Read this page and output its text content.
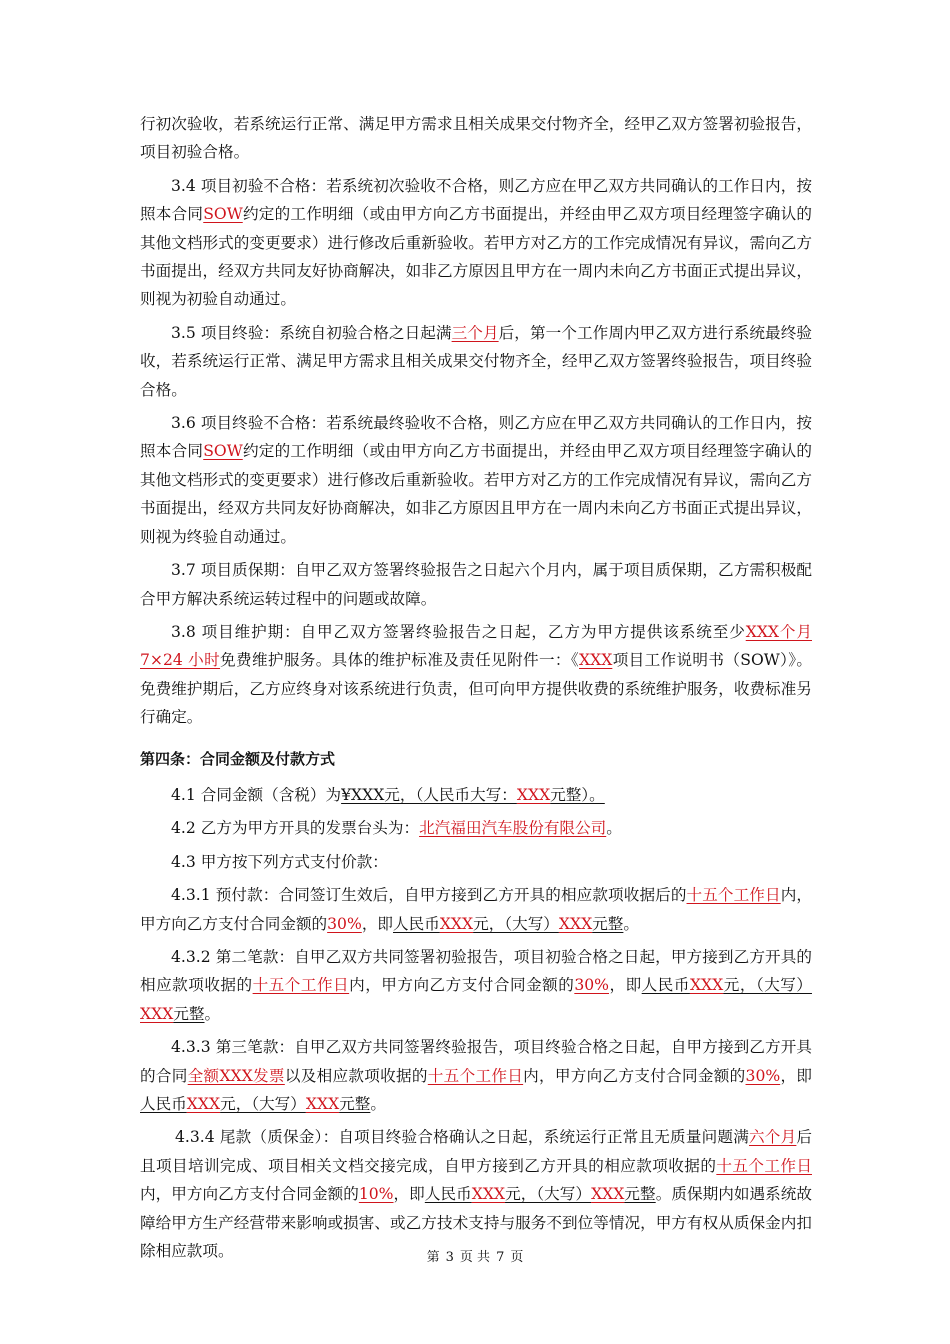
行初次验收，若系统运行正常、满足甲方需求且相关成果交付物齐全，经甲乙双方签署初验报告，项目初验合格。

3.4 项目初验不合格：若系统初次验收不合格，则乙方应在甲乙双方共同确认的工作日内，按照本合同SOW约定的工作明细（或由甲方向乙方书面提出，并经由甲乙双方项目经理签字确认的其他文档形式的变更要求）进行修改后重新验收。若甲方对乙方的工作完成情况有异议，需向乙方书面提出，经双方共同友好协商解决，如非乙方原因且甲方在一周内未向乙方书面正式提出异议，则视为初验自动通过。

3.5 项目终验：系统自初验合格之日起满三个月后，第一个工作周内甲乙双方进行系统最终验收，若系统运行正常、满足甲方需求且相关成果交付物齐全，经甲乙双方签署终验报告，项目终验合格。

3.6 项目终验不合格：若系统最终验收不合格，则乙方应在甲乙双方共同确认的工作日内，按照本合同SOW约定的工作明细（或由甲方向乙方书面提出，并经由甲乙双方项目经理签字确认的其他文档形式的变更要求）进行修改后重新验收。若甲方对乙方的工作完成情况有异议，需向乙方书面提出，经双方共同友好协商解决，如非乙方原因且甲方在一周内未向乙方书面正式提出异议，则视为终验自动通过。

3.7 项目质保期：自甲乙双方签署终验报告之日起六个月内，属于项目质保期，乙方需积极配合甲方解决系统运转过程中的问题或故障。

3.8 项目维护期：自甲乙双方签署终验报告之日起，乙方为甲方提供该系统至少XXX个月 7×24 小时免费维护服务。具体的维护标准及责任见附件一：《XXX项目工作说明书（SOW）》。免费维护期后，乙方应终身对该系统进行负责，但可向甲方提供收费的系统维护服务，收费标准另行确定。

第四条：合同金额及付款方式

4.1 合同金额（含税）为¥XXX元，（人民币大写：XXX元整）。

4.2 乙方为甲方开具的发票台头为：北汽福田汽车股份有限公司。

4.3 甲方按下列方式支付价款：

4.3.1 预付款：合同签订生效后，自甲方接到乙方开具的相应款项收据后的十五个工作日内，甲方向乙方支付合同金额的30%，即人民币XXX元，（大写）XXX元整。

4.3.2 第二笔款：自甲乙双方共同签署初验报告，项目初验合格之日起，甲方接到乙方开具的相应款项收据的十五个工作日内，甲方向乙方支付合同金额的30%，即人民币XXX元，（大写）XXX元整。

4.3.3 第三笔款：自甲乙双方共同签署终验报告，项目终验合格之日起，自甲方接到乙方开具的合同全额XXX发票以及相应款项收据的十五个工作日内，甲方向乙方支付合同金额的30%，即人民币XXX元，（大写）XXX元整。

4.3.4 尾款（质保金）：自项目终验合格确认之日起，系统运行正常且无质量问题满六个月后且项目培训完成、项目相关文档交接完成，自甲方接到乙方开具的相应款项收据的十五个工作日内，甲方向乙方支付合同金额的10%，即人民币XXX元，（大写）XXX元整。质保期内如遇系统故障给甲方生产经营带来影响或损害、或乙方技术支持与服务不到位等情况，甲方有权从质保金内扣除相应款项。	第 3 页 共 7 页
